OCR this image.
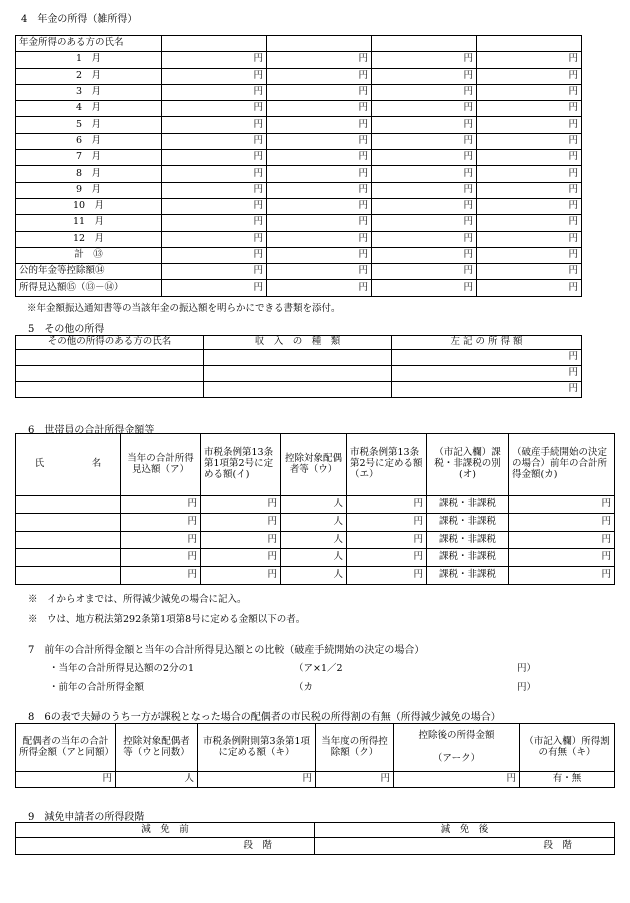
4　年金の所得（雑所得）
年金所得のある方の氏名				
1　月	円	円	円	円
2　月	円	円	円	円
3　月	円	円	円	円
4　月	円	円	円	円
5　月	円	円	円	円
6　月	円	円	円	円
7　月	円	円	円	円
8　月	円	円	円	円
9　月	円	円	円	円
10　月	円	円	円	円
11　月	円	円	円	円
12　月	円	円	円	円
計　⑬	円	円	円	円
公的年金等控除額⑭	円	円	円	円
所得見込額⑮（⑬－⑭）	円	円	円	円
※年金額振込通知書等の当該年金の振込額を明らかにできる書類を添付。
5　その他の所得
その他の所得のある方の氏名	収　入　の　種　類	左 記 の 所 得 額
		円
		円
		円
6　世帯員の合計所得金額等
氏　　　　　名	当年の合計所得見込額（ア）	市税条例第13条第1項第2号に定める額(イ)	控除対象配偶者等（ウ）	市税条例第13条第2号に定める額（エ）	（市記入欄）課税・非課税の別(オ)	（破産手続開始の決定の場合）前年の合計所得金額(カ)
	円	円	人	円	課税・非課税	円
	円	円	人	円	課税・非課税	円
	円	円	人	円	課税・非課税	円
	円	円	人	円	課税・非課税	円
	円	円	人	円	課税・非課税	円
※　イからオまでは、所得減少減免の場合に記入。
※　ウは、地方税法第292条第1項第8号に定める金額以下の者。
7　前年の合計所得金額と当年の合計所得見込額との比較（破産手続開始の決定の場合）
・当年の合計所得見込額の2分の1	（ア×1／2	円）
・前年の合計所得金額	（カ	円）
8　6の表で夫婦のうち一方が課税となった場合の配偶者の市民税の所得割の有無（所得減少減免の場合）
配偶者の当年の合計所得金額（アと同額）	控除対象配偶者等（ウと同数）	市税条例附則第3条第1項に定める額（キ）	当年度の所得控除額（ク）	控除後の所得金額
（アーク）	（市記入欄）所得割の有無（キ）
円	人	円	円	円	有・無
9　減免申請者の所得段階
減　免　前	減　免　後
段　階	段　階
